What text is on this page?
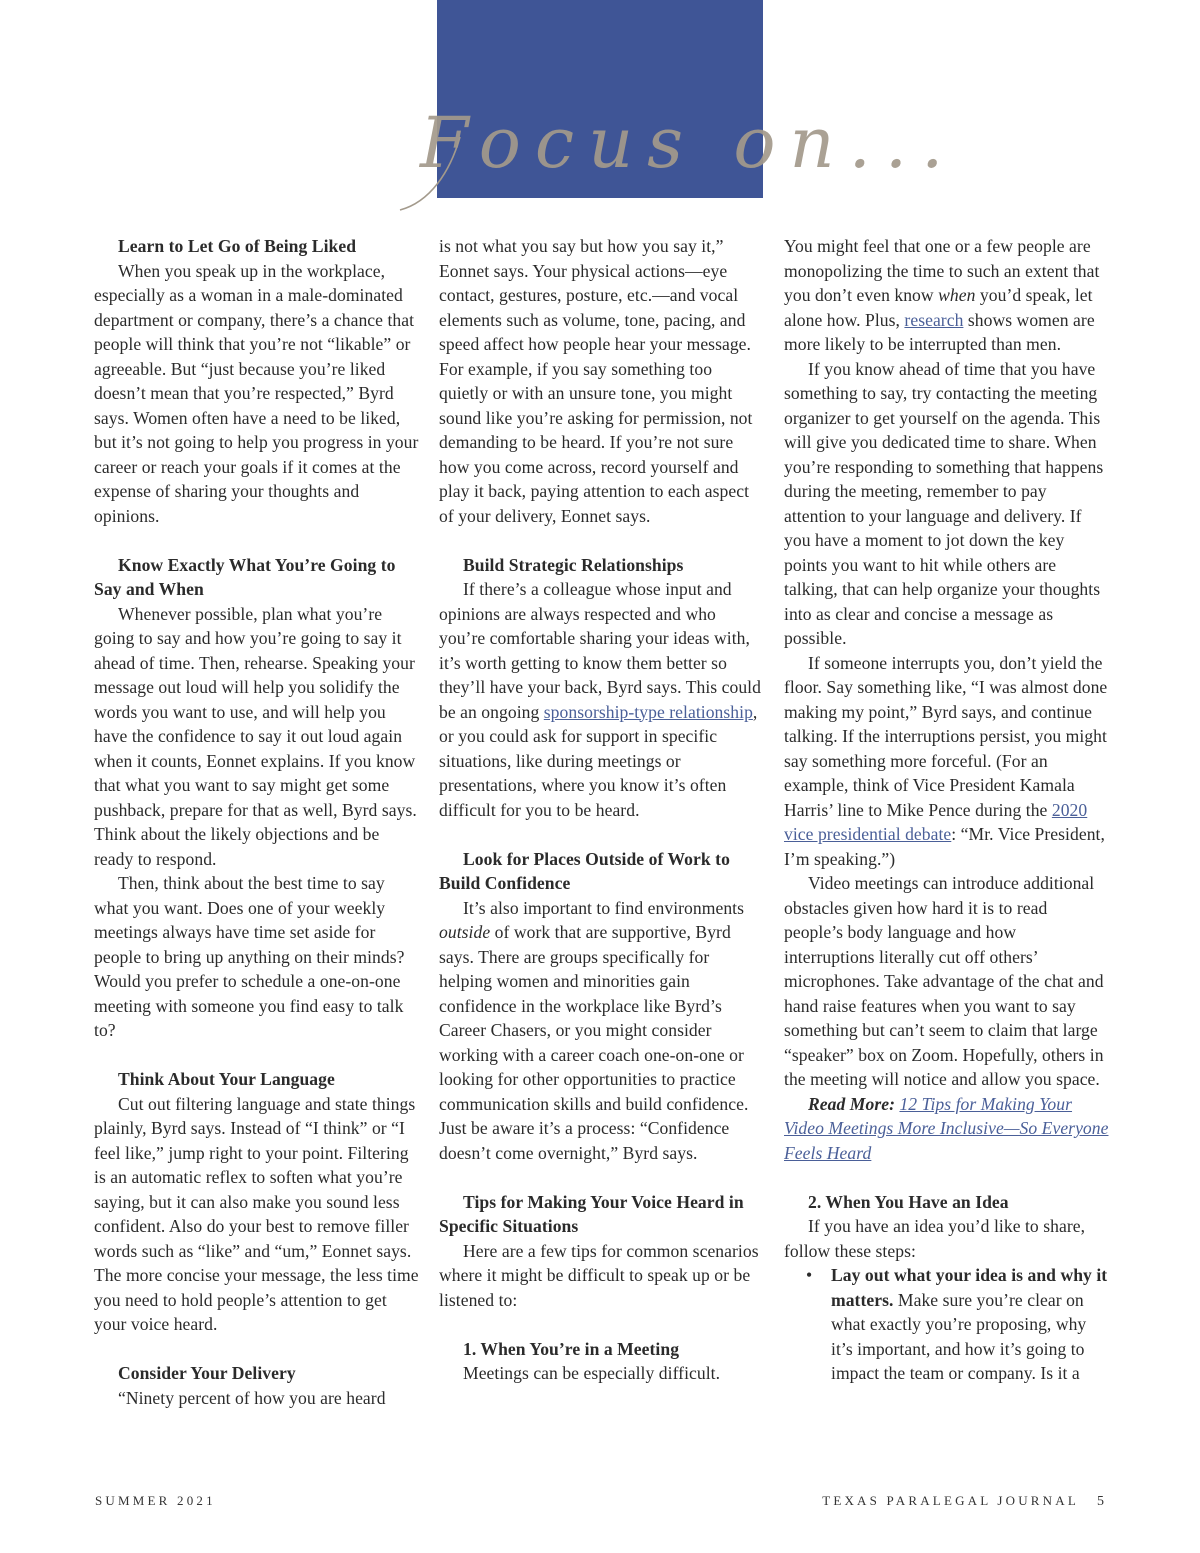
Focus on...
Learn to Let Go of Being Liked

When you speak up in the workplace, especially as a woman in a male-dominated department or company, there’s a chance that people will think that you’re not “likable” or agreeable. But “just because you’re liked doesn’t mean that you’re respected,” Byrd says. Women often have a need to be liked, but it’s not going to help you progress in your career or reach your goals if it comes at the expense of sharing your thoughts and opinions.

Know Exactly What You’re Going to Say and When

Whenever possible, plan what you’re going to say and how you’re going to say it ahead of time. Then, rehearse. Speaking your message out loud will help you solidify the words you want to use, and will help you have the confidence to say it out loud again when it counts, Eonnet explains. If you know that what you want to say might get some pushback, prepare for that as well, Byrd says. Think about the likely objections and be ready to respond.

Then, think about the best time to say what you want. Does one of your weekly meetings always have time set aside for people to bring up anything on their minds? Would you prefer to schedule a one-on-one meeting with someone you find easy to talk to?

Think About Your Language

Cut out filtering language and state things plainly, Byrd says. Instead of “I think” or “I feel like,” jump right to your point. Filtering is an automatic reflex to soften what you’re saying, but it can also make you sound less confident. Also do your best to remove filler words such as “like” and “um,” Eonnet says. The more concise your message, the less time you need to hold people’s attention to get your voice heard.

Consider Your Delivery

“Ninety percent of how you are heard

is not what you say but how you say it,” Eonnet says. Your physical actions—eye contact, gestures, posture, etc.—and vocal elements such as volume, tone, pacing, and speed affect how people hear your message. For example, if you say something too quietly or with an unsure tone, you might sound like you’re asking for permission, not demanding to be heard. If you’re not sure how you come across, record yourself and play it back, paying attention to each aspect of your delivery, Eonnet says.

Build Strategic Relationships

If there’s a colleague whose input and opinions are always respected and who you’re comfortable sharing your ideas with, it’s worth getting to know them better so they’ll have your back, Byrd says. This could be an ongoing sponsorship-type relationship, or you could ask for support in specific situations, like during meetings or presentations, where you know it’s often difficult for you to be heard.

Look for Places Outside of Work to Build Confidence

It’s also important to find environments outside of work that are supportive, Byrd says. There are groups specifically for helping women and minorities gain confidence in the workplace like Byrd’s Career Chasers, or you might consider working with a career coach one-on-one or looking for other opportunities to practice communication skills and build confidence. Just be aware it’s a process: “Confidence doesn’t come overnight,” Byrd says.

Tips for Making Your Voice Heard in Specific Situations

Here are a few tips for common scenarios where it might be difficult to speak up or be listened to:

1. When You’re in a Meeting

Meetings can be especially difficult.

You might feel that one or a few people are monopolizing the time to such an extent that you don’t even know when you’d speak, let alone how. Plus, research shows women are more likely to be interrupted than men.

If you know ahead of time that you have something to say, try contacting the meeting organizer to get yourself on the agenda. This will give you dedicated time to share. When you’re responding to something that happens during the meeting, remember to pay attention to your language and delivery. If you have a moment to jot down the key points you want to hit while others are talking, that can help organize your thoughts into as clear and concise a message as possible.

If someone interrupts you, don’t yield the floor. Say something like, “I was almost done making my point,” Byrd says, and continue talking. If the interruptions persist, you might say something more forceful. (For an example, think of Vice President Kamala Harris’ line to Mike Pence during the 2020 vice presidential debate: “Mr. Vice President, I’m speaking.”)

Video meetings can introduce additional obstacles given how hard it is to read people’s body language and how interruptions literally cut off others’ microphones. Take advantage of the chat and hand raise features when you want to say something but can’t seem to claim that large “speaker” box on Zoom. Hopefully, others in the meeting will notice and allow you space.

Read More: 12 Tips for Making Your Video Meetings More Inclusive—So Everyone Feels Heard

2. When You Have an Idea

If you have an idea you’d like to share, follow these steps:

•	Lay out what your idea is and why it matters. Make sure you’re clear on what exactly you’re proposing, why it’s important, and how it’s going to impact the team or company. Is it a
SUMMER 2021	TEXAS PARALEGAL JOURNAL 5
